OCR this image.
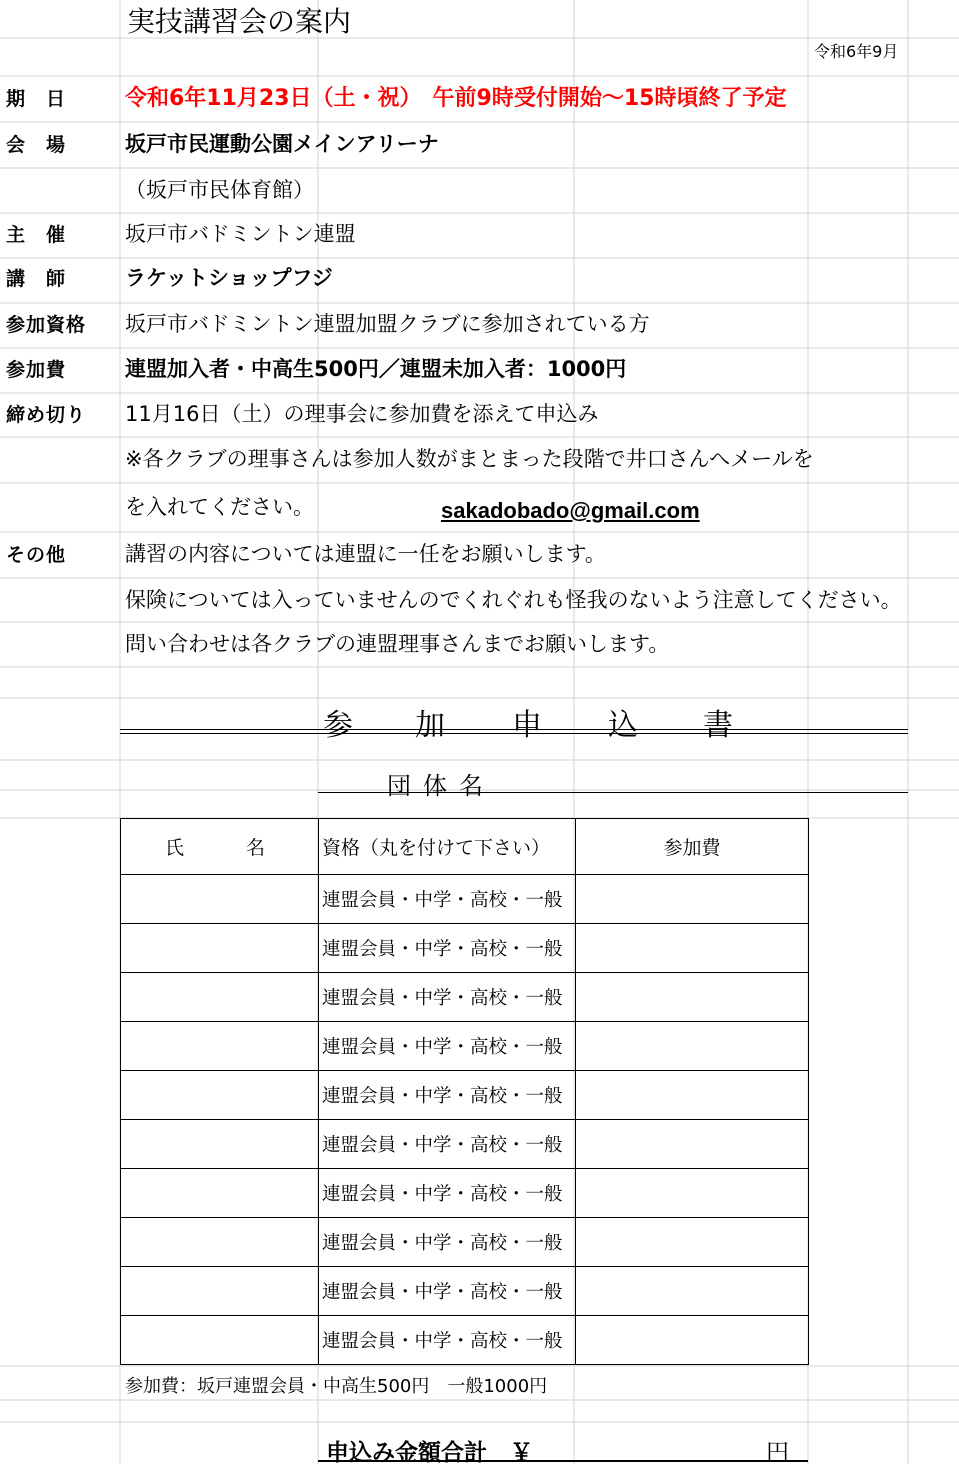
実技講習会の案内
令和6年9月
期　日	令和6年11月23日（土・祝）　午前9時受付開始～15時頃終了予定
会　場	坂戸市民運動公園メインアリーナ
（坂戸市民体育館）
主　催	坂戸市バドミントン連盟
講　師	ラケットショップフジ
参加資格 坂戸市バドミントン連盟加盟クラブに参加されている方
参加費	連盟加入者・中高生500円／連盟未加入者：1000円
締め切り 11月16日（土）の理事会に参加費を添えて申込み
※各クラブの理事さんは参加人数がまとまった段階で井口さんへメールを
を入れてください。	sakadobado@gmail.com
その他	講習の内容については連盟に一任をお願いします。
保険については入っていませんのでくれぐれも怪我のないよう注意してください。
問い合わせは各クラブの連盟理事さんまでお願いします。
参 加 申 込 書
団体名
氏 名	資格（丸を付けて下さい）	参加費
	連盟会員・中学・高校・一般	
	連盟会員・中学・高校・一般	
	連盟会員・中学・高校・一般	
	連盟会員・中学・高校・一般	
	連盟会員・中学・高校・一般	
	連盟会員・中学・高校・一般	
	連盟会員・中学・高校・一般	
	連盟会員・中学・高校・一般	
	連盟会員・中学・高校・一般	
	連盟会員・中学・高校・一般	
参加費：坂戸連盟会員・中高生500円　一般1000円
申込み金額合計　￥	円
